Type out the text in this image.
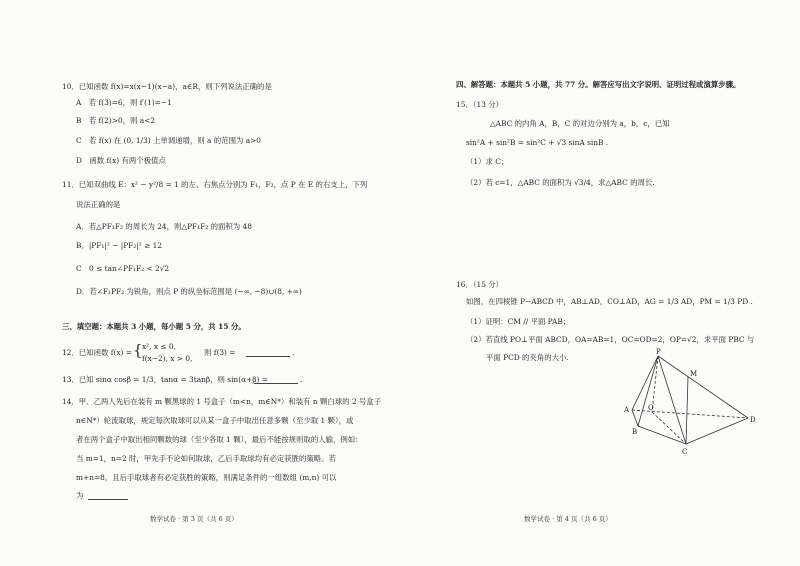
10．已知函数 f(x)=x(x−1)(x−a)，a∈R，则下列说法正确的是
A　若 f(3)=6，则 f′(1)=−1
B　若 f(2)>0，则 a<2
C　若 f(x) 在 (0, 1/3) 上单调递增，则 a 的范围为 a>0
D　函数 f(x) 有两个极值点
11．已知双曲线 E：x² − y²/8 = 1 的左、右焦点分别为 F₁，F₂，点 P 在 E 的右支上，下列
说法正确的是
A．若△PF₁F₂ 的周长为 24，则△PF₁F₂ 的面积为 48
B．|PF₁|² − |PF₂|² ≥ 12
C　0 ≤ tan∠PF₁F₂ < 2√2
D．若∠F₁PF₂ 为锐角，则点 P 的纵坐标范围是 (−∞, −8)∪(8, +∞)
三、填空题：本题共 3 小题，每小题 5 分，共 15 分。
12．已知函数 f(x) = { x², x ≤ 0,
f(x−2), x > 0,
则 f(3) =	.
13．已知 sinα cosβ = 1/3，tanα = 3tanβ，则 sin(α+β) =	.
14．甲、乙两人先后在装有 m 颗黑球的 1 号盒子（m<n，m∈N*）和装有 n 颗白球的 2 号盒子
n∈N*）轮流取球，规定每次取球可以从某一盒子中取出任意多颗（至少取 1 颗），或
者在两个盒子中取出相同颗数的球（至少各取 1 颗），最后不能按规则取的人输，例如：
当 m=1，n=2 时，甲先手不论如何取球，乙后手取球均有必定获胜的策略。若
m+n=8，且后手取球者有必定获胜的策略，则满足条件的一组数组 (m,n) 可以
为
数学试卷 · 第 3 页（共 6 页）
四、解答题：本题共 5 小题，共 77 分。解答应写出文字说明、证明过程或演算步骤。
15．（13 分）
△ABC 的内角 A，B，C 的对边分别为 a，b，c，已知
sin²A + sin²B = sin²C + √3 sinA sinB .
（1）求 C；
（2）若 c=1，△ABC 的面积为 √3/4，求△ABC 的周长.
16．（15 分）
如图，在四棱锥 P−ABCD 中，AB⊥AD，CO⊥AD，AG = 1/3 AD，PM = 1/3 PD .
（1）证明：CM // 平面 PAB；
（2）若直线 PO⊥平面 ABCD，OA=AB=1，OC=OD=2，OP=√2，求平面 PBC 与
平面 PCD 的夹角的大小.
P
M
A	O
B
C
D
数学试卷 · 第 4 页（共 6 页）
